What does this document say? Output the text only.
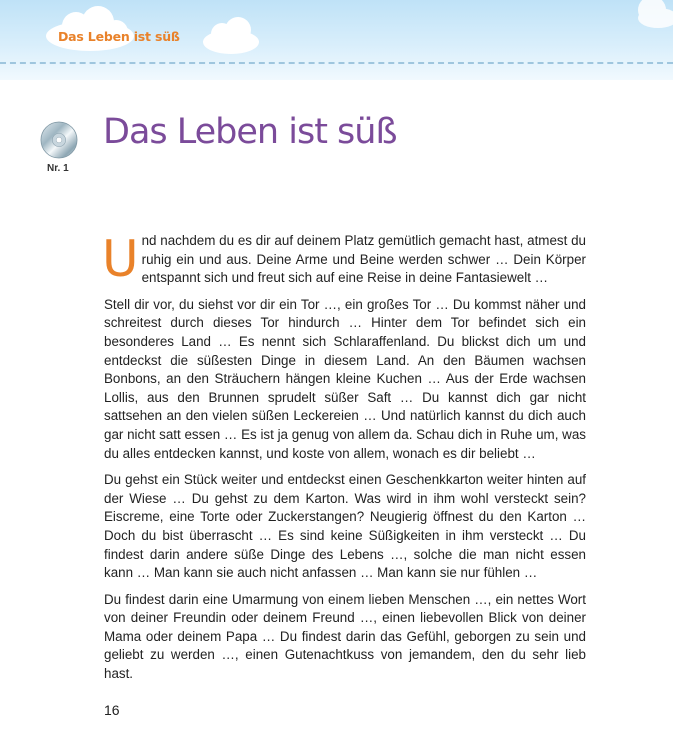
Das Leben ist süß
Nr. 1
Das Leben ist süß

Und nachdem du es dir auf deinem Platz gemütlich gemacht hast, atmest du ruhig ein und aus. Deine Arme und Beine werden schwer … Dein Körper entspannt sich und freut sich auf eine Reise in deine Fantasiewelt …

Stell dir vor, du siehst vor dir ein Tor …, ein großes Tor … Du kommst näher und schreitest durch dieses Tor hindurch … Hinter dem Tor befindet sich ein besonderes Land … Es nennt sich Schlaraffenland. Du blickst dich um und entdeckst die süßesten Dinge in diesem Land. An den Bäumen wachsen Bonbons, an den Sträuchern hängen kleine Kuchen … Aus der Erde wachsen Lollis, aus den Brunnen sprudelt süßer Saft … Du kannst dich gar nicht sattsehen an den vielen süßen Leckereien … Und natürlich kannst du dich auch gar nicht satt essen … Es ist ja genug von allem da. Schau dich in Ruhe um, was du alles entdecken kannst, und koste von allem, wonach es dir beliebt …

Du gehst ein Stück weiter und entdeckst einen Geschenkkarton weiter hinten auf der Wiese … Du gehst zu dem Karton. Was wird in ihm wohl versteckt sein? Eiscreme, eine Torte oder Zuckerstangen? Neugierig öffnest du den Karton … Doch du bist überrascht … Es sind keine Süßigkeiten in ihm versteckt … Du findest darin andere süße Dinge des Lebens …, solche die man nicht essen kann … Man kann sie auch nicht anfassen … Man kann sie nur fühlen …

Du findest darin eine Umarmung von einem lieben Menschen …, ein nettes Wort von deiner Freundin oder deinem Freund …, einen liebevollen Blick von deiner Mama oder deinem Papa … Du findest darin das Gefühl, geborgen zu sein und geliebt zu werden …, einen Gutenachtkuss von jemandem, den du sehr lieb hast.

16
